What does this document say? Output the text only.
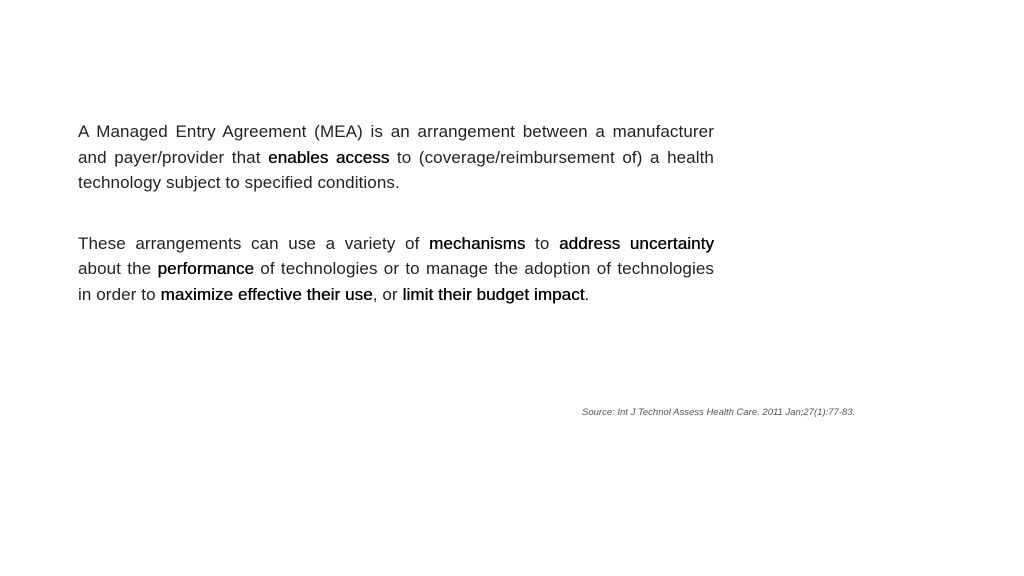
A Managed Entry Agreement (MEA) is an arrangement between a manufacturer and payer/provider that enables access to (coverage/reimbursement of) a health technology subject to specified conditions.

These arrangements can use a variety of mechanisms to address uncertainty about the performance of technologies or to manage the adoption of technologies in order to maximize effective their use, or limit their budget impact.

Source: Int J Technol Assess Health Care. 2011 Jan;27(1):77-83.
